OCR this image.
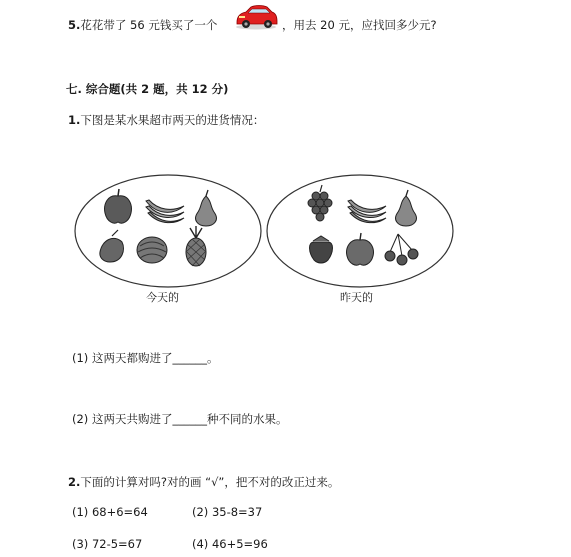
5.花花带了 56 元钱买了一个	，用去 20 元，应找回多少元?
七. 综合题(共 2 题，共 12 分)
1.下图是某水果超市两天的进货情况：
今天的	昨天的
(1) 这两天都购进了______。
(2) 这两天共购进了______种不同的水果。
2.下面的计算对吗?对的画 “√”，把不对的改正过来。
(1) 68+6=64	(2) 35-8=37
(3) 72-5=67	(4) 46+5=96
